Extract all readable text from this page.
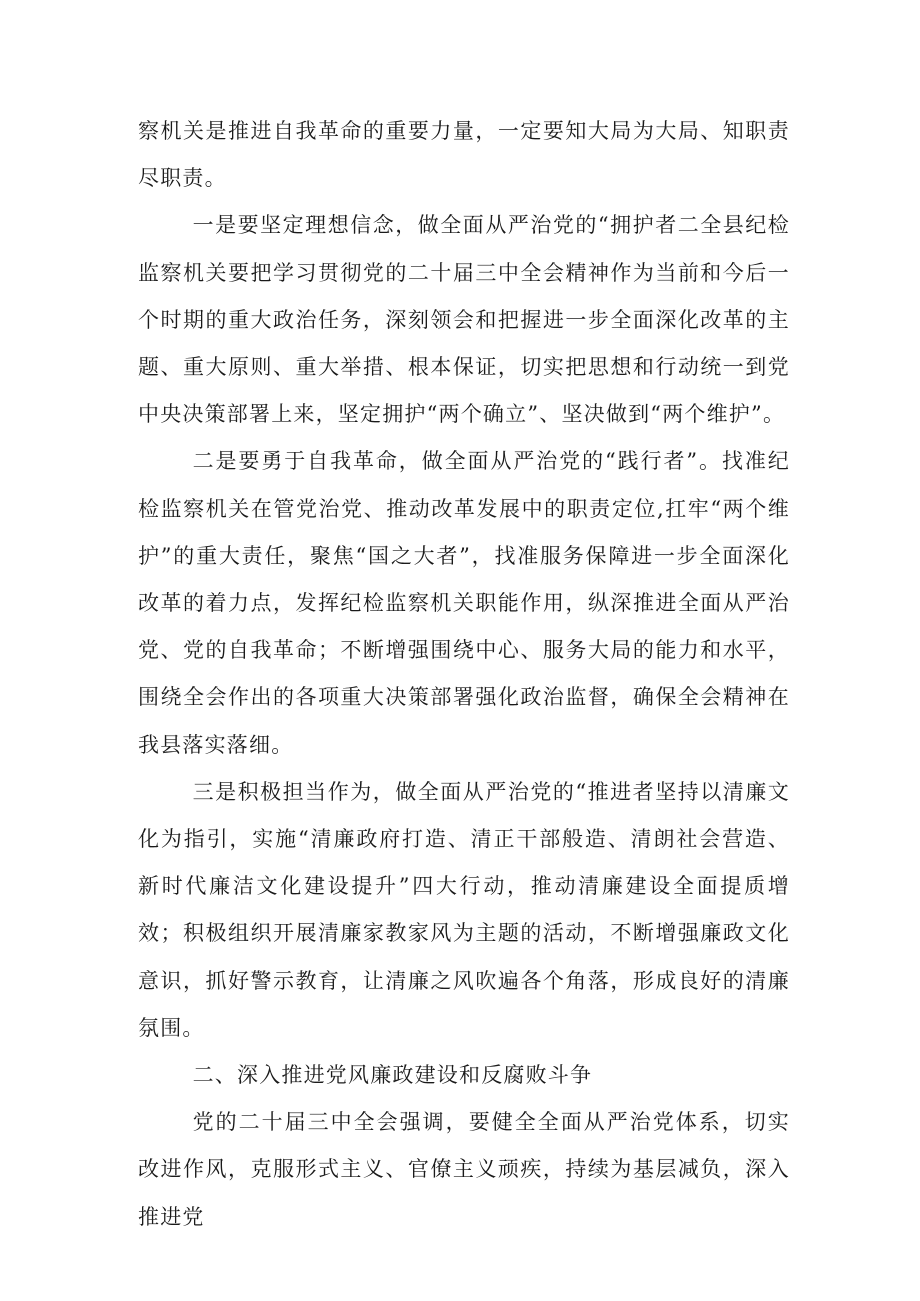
察机关是推进自我革命的重要力量，一定要知大局为大局、知职责尽职责。

一是要坚定理想信念，做全面从严治党的“拥护者二全县纪检监察机关要把学习贯彻党的二十届三中全会精神作为当前和今后一个时期的重大政治任务，深刻领会和把握进一步全面深化改革的主题、重大原则、重大举措、根本保证，切实把思想和行动统一到党中央决策部署上来，坚定拥护“两个确立”、坚决做到“两个维护”。

二是要勇于自我革命，做全面从严治党的“践行者”。找准纪检监察机关在管党治党、推动改革发展中的职责定位,扛牢“两个维护”的重大责任，聚焦“国之大者”，找准服务保障进一步全面深化改革的着力点，发挥纪检监察机关职能作用，纵深推进全面从严治党、党的自我革命；不断增强围绕中心、服务大局的能力和水平，围绕全会作出的各项重大决策部署强化政治监督，确保全会精神在我县落实落细。

三是积极担当作为，做全面从严治党的“推进者坚持以清廉文化为指引，实施“清廉政府打造、清正干部般造、清朗社会营造、新时代廉洁文化建设提升”四大行动，推动清廉建设全面提质增效；积极组织开展清廉家教家风为主题的活动，不断增强廉政文化意识，抓好警示教育，让清廉之风吹遍各个角落，形成良好的清廉氛围。

二、深入推进党风廉政建设和反腐败斗争

党的二十届三中全会强调，要健全全面从严治党体系，切实改进作风，克服形式主义、官僚主义顽疾，持续为基层减负，深入推进党
